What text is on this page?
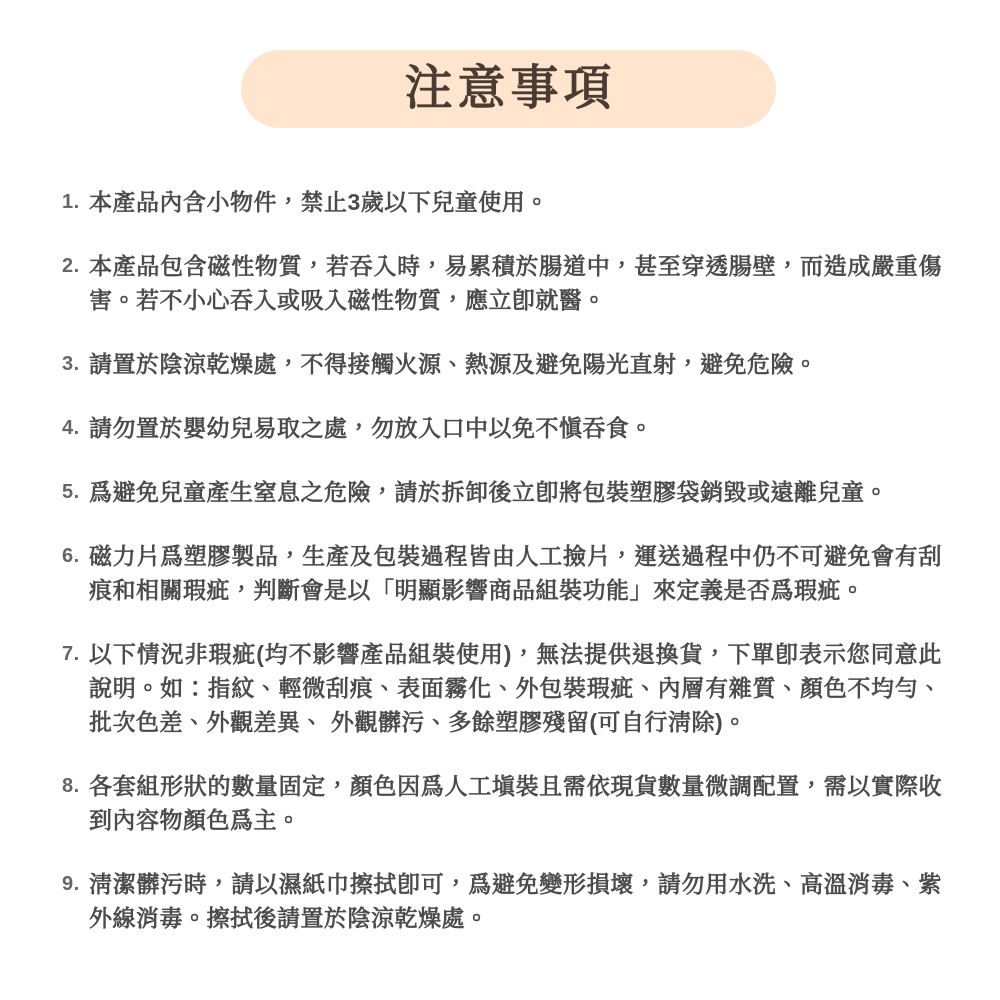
注意事項
1. 本產品內含小物件，禁止3歲以下兒童使用。
2. 本產品包含磁性物質，若吞入時，易累積於腸道中，甚至穿透腸壁，而造成嚴重傷害。若不小心吞入或吸入磁性物質，應立卽就醫。
3. 請置於陰涼乾燥處，不得接觸火源、熱源及避免陽光直射，避免危險。
4. 請勿置於嬰幼兒易取之處，勿放入口中以免不愼吞食。
5. 爲避免兒童產生窒息之危險，請於拆卸後立卽將包裝塑膠袋銷毀或遠離兒童。
6. 磁力片爲塑膠製品，生產及包裝過程皆由人工撿片，運送過程中仍不可避免會有刮痕和相關瑕疵，判斷會是以「明顯影響商品組裝功能」來定義是否爲瑕疵。
7. 以下情況非瑕疵(均不影響產品組裝使用)，無法提供退換貨，下單卽表示您同意此說明。如：指紋、輕微刮痕、表面霧化、外包裝瑕疵、內層有雜質、顏色不均勻、批次色差、外觀差異、 外觀髒污、多餘塑膠殘留(可自行淸除)。
8. 各套組形狀的數量固定，顏色因爲人工塡裝且需依現貨數量微調配置，需以實際收到內容物顏色爲主。
9. 淸潔髒污時，請以濕紙巾擦拭卽可，爲避免變形損壞，請勿用水洗、高溫消毒、紫外線消毒。擦拭後請置於陰涼乾燥處。
